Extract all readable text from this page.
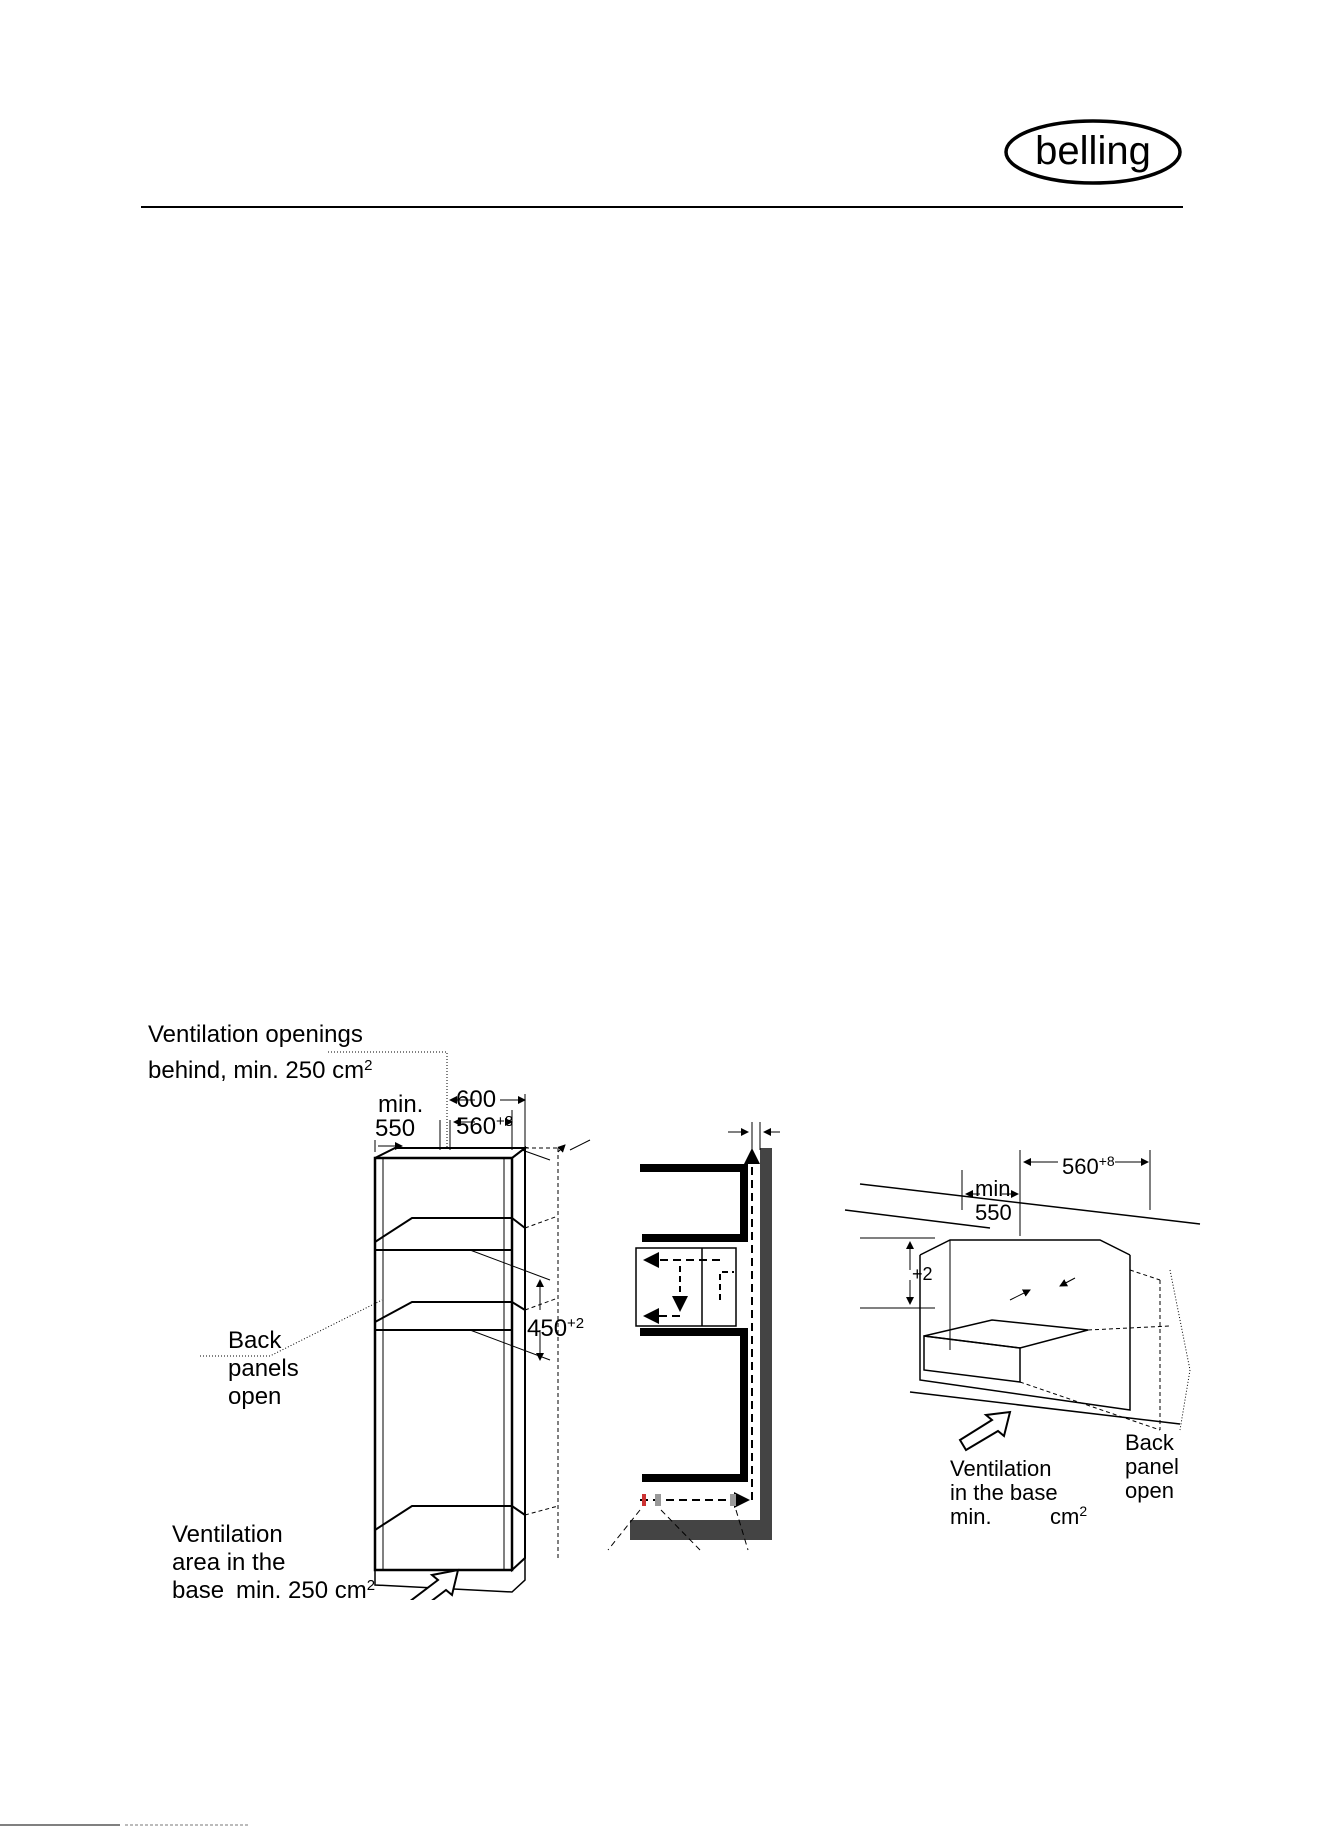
belling
Ventilation openings
behind, min. 250 $cm^2$
min.
550
600
$560^{+8}$
$450^{+2}$
Back
panels
open
Ventilation
area in the
base min. 250 $cm^2$
$560^{+8}$
min.
550
+2
Back
panel
open
Ventilation
in the base
min.	$cm^2$
